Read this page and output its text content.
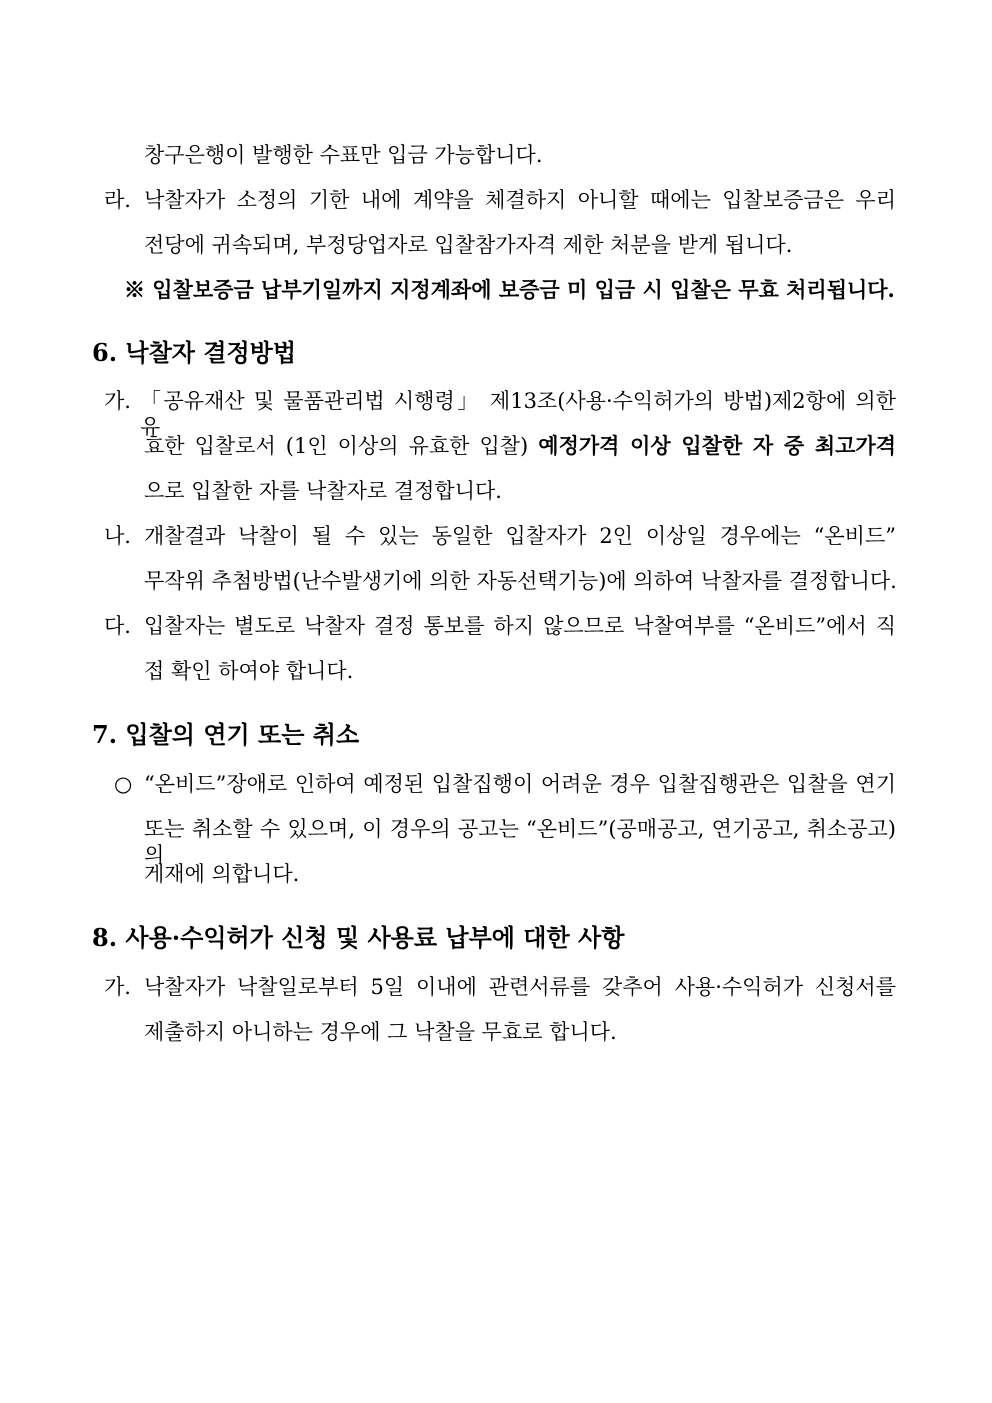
창구은행이 발행한 수표만 입금 가능합니다.
라. 낙찰자가 소정의 기한 내에 계약을 체결하지 아니할 때에는 입찰보증금은 우리
전당에 귀속되며, 부정당업자로 입찰참가자격 제한 처분을 받게 됩니다.
※ 입찰보증금 납부기일까지 지정계좌에 보증금 미 입금 시 입찰은 무효 처리됩니다.
6. 낙찰자 결정방법
가. 「공유재산 및 물품관리법 시행령」 제13조(사용·수익허가의 방법)제2항에 의한 유
효한 입찰로서 (1인 이상의 유효한 입찰) 예정가격 이상 입찰한 자 중 최고가격
으로 입찰한 자를 낙찰자로 결정합니다.
나. 개찰결과 낙찰이 될 수 있는 동일한 입찰자가 2인 이상일 경우에는 “온비드”
무작위 추첨방법(난수발생기에 의한 자동선택기능)에 의하여 낙찰자를 결정합니다.
다. 입찰자는 별도로 낙찰자 결정 통보를 하지 않으므로 낙찰여부를 “온비드”에서 직
접 확인 하여야 합니다.
7. 입찰의 연기 또는 취소
○ “온비드”장애로 인하여 예정된 입찰집행이 어려운 경우 입찰집행관은 입찰을 연기
또는 취소할 수 있으며, 이 경우의 공고는 “온비드”(공매공고, 연기공고, 취소공고)의
게재에 의합니다.
8. 사용·수익허가 신청 및 사용료 납부에 대한 사항
가. 낙찰자가 낙찰일로부터 5일 이내에 관련서류를 갖추어 사용·수익허가 신청서를
제출하지 아니하는 경우에 그 낙찰을 무효로 합니다.
